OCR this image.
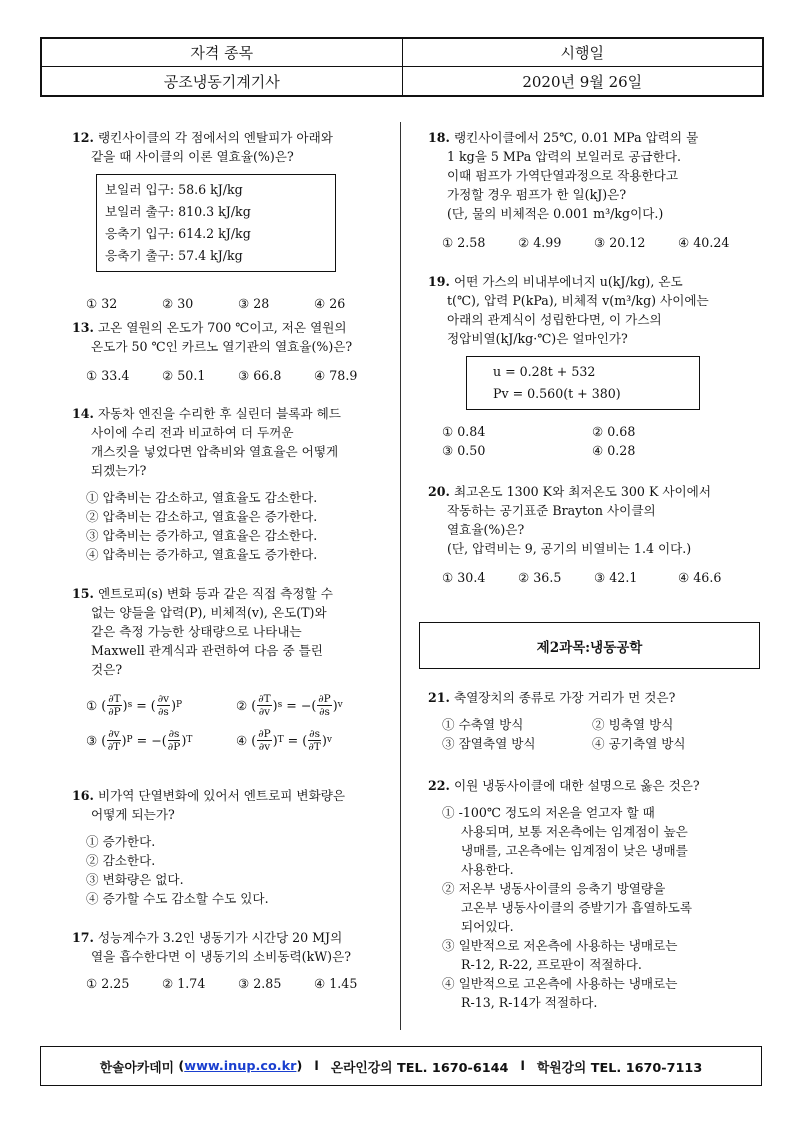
자격 종목	시행일
공조냉동기계기사	2020년 9월 26일
12. 랭킨사이클의 각 점에서의 엔탈피가 아래와
같을 때 사이클의 이론 열효율(%)은?
보일러 입구: 58.6 kJ/kg
보일러 출구: 810.3 kJ/kg
응축기 입구: 614.2 kJ/kg
응축기 출구: 57.4 kJ/kg
① 32	② 30	③ 28	④ 26
13. 고온 열원의 온도가 700 ℃이고, 저온 열원의
온도가 50 ℃인 카르노 열기관의 열효율(%)은?
① 33.4	② 50.1	③ 66.8	④ 78.9
14. 자동차 엔진을 수리한 후 실린더 블록과 헤드
사이에 수리 전과 비교하여 더 두꺼운
개스킷을 넣었다면 압축비와 열효율은 어떻게
되겠는가?
① 압축비는 감소하고, 열효율도 감소한다.
② 압축비는 감소하고, 열효율은 증가한다.
③ 압축비는 증가하고, 열효율은 감소한다.
④ 압축비는 증가하고, 열효율도 증가한다.
15. 엔트로피(s) 변화 등과 같은 직접 측정할 수
없는 양들을 압력(P), 비체적(v), 온도(T)와
같은 측정 가능한 상태량으로 나타내는
Maxwell 관계식과 관련하여 다음 중 틀린
것은?
① ( $\frac{\partial T}{\partial P}$ ) s = ( $\frac{\partial v}{\partial s}$ ) P	② ( $\frac{\partial T}{\partial v}$ ) s = −( $\frac{\partial P}{\partial s}$ ) v
③ ( $\frac{\partial v}{\partial T}$ ) P = −( $\frac{\partial s}{\partial P}$ ) T	④ ( $\frac{\partial P}{\partial v}$ ) T = ( $\frac{\partial s}{\partial T}$ ) v
16. 비가역 단열변화에 있어서 엔트로피 변화량은
어떻게 되는가?
① 증가한다.
② 감소한다.
③ 변화량은 없다.
④ 증가할 수도 감소할 수도 있다.
17. 성능계수가 3.2인 냉동기가 시간당 20 MJ의
열을 흡수한다면 이 냉동기의 소비동력(kW)은?
① 2.25	② 1.74	③ 2.85	④ 1.45
18. 랭킨사이클에서 25℃, 0.01 MPa 압력의 물
1 kg을 5 MPa 압력의 보일러로 공급한다.
이때 펌프가 가역단열과정으로 작용한다고
가정할 경우 펌프가 한 일(kJ)은?
(단, 물의 비체적은 0.001 m³/kg이다.)
① 2.58	② 4.99	③ 20.12	④ 40.24
19. 어떤 가스의 비내부에너지 u(kJ/kg), 온도
t(℃), 압력 P(kPa), 비체적 v(m³/kg) 사이에는
아래의 관계식이 성립한다면, 이 가스의
정압비열(kJ/kg·℃)은 얼마인가?
u = 0.28t + 532
Pv = 0.560(t + 380)
① 0.84	② 0.68
③ 0.50	④ 0.28
20. 최고온도 1300 K와 최저온도 300 K 사이에서
작동하는 공기표준 Brayton 사이클의
열효율(%)은?
(단, 압력비는 9, 공기의 비열비는 1.4 이다.)
① 30.4	② 36.5	③ 42.1	④ 46.6
제2과목:냉동공학
21. 축열장치의 종류로 가장 거리가 먼 것은?
① 수축열 방식	② 빙축열 방식
③ 잠열축열 방식	④ 공기축열 방식
22. 이원 냉동사이클에 대한 설명으로 옳은 것은?
① -100℃ 정도의 저온을 얻고자 할 때
사용되며, 보통 저온측에는 임계점이 높은
냉매를, 고온측에는 임계점이 낮은 냉매를
사용한다.
② 저온부 냉동사이클의 응축기 방열량을
고온부 냉동사이클의 증발기가 흡열하도록
되어있다.
③ 일반적으로 저온측에 사용하는 냉매로는
R-12, R-22, 프로판이 적절하다.
④ 일반적으로 고온측에 사용하는 냉매로는
R-13, R-14가 적절하다.
한솔아카데미 ( www.inup.co.kr ) l 온라인강의 TEL. 1670-6144 l 학원강의 TEL. 1670-7113
